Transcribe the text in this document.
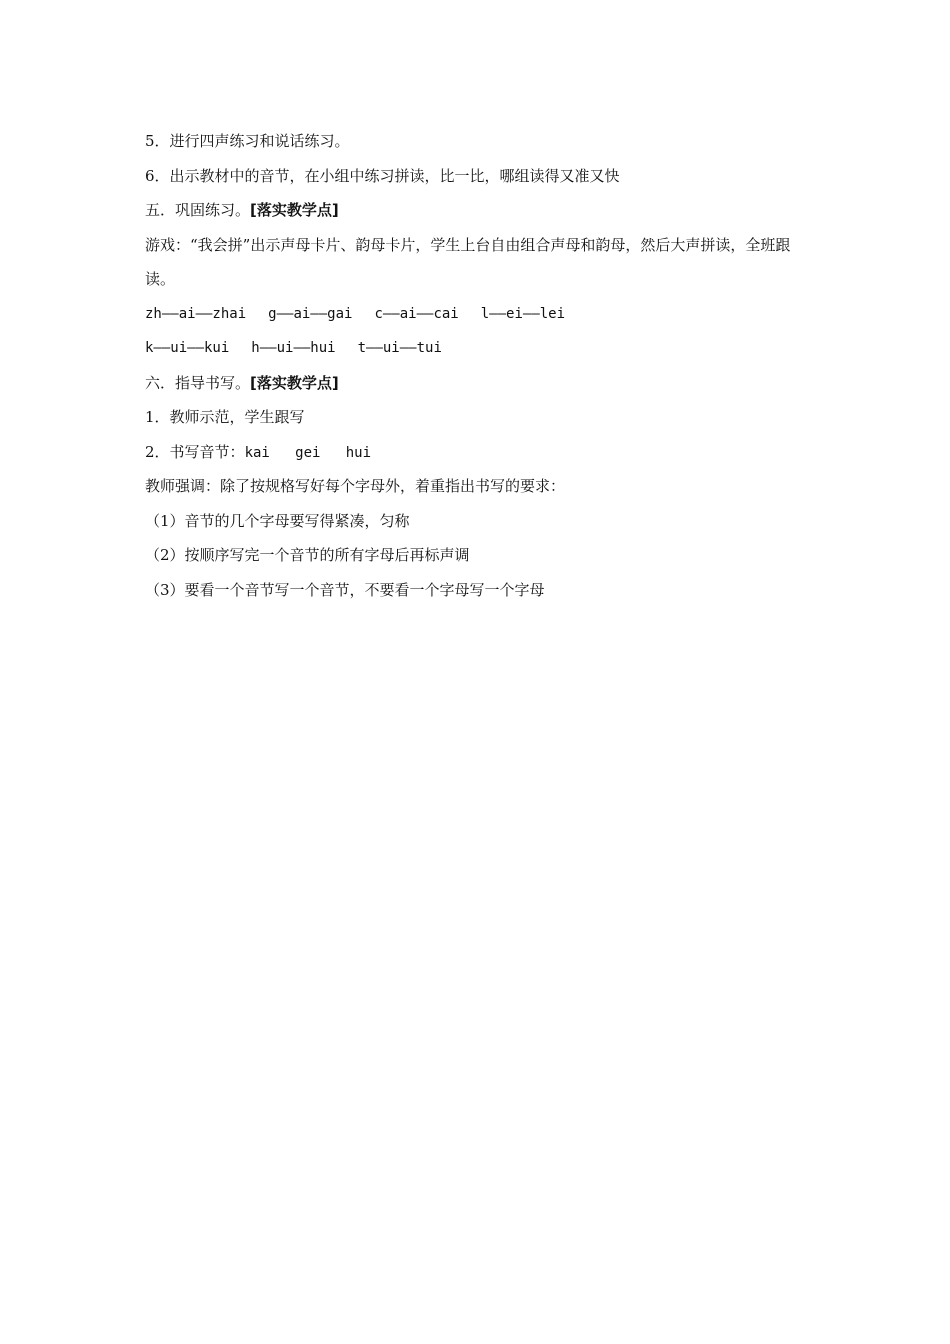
5．进行四声练习和说话练习。
6．出示教材中的音节，在小组中练习拼读，比一比，哪组读得又准又快
五．巩固练习。[落实教学点]
游戏：“我会拼”出示声母卡片、韵母卡片，学生上台自由组合声母和韵母，然后大声拼读，全班跟读。
zh——ai——zhai g——ai——gai c——ai——cai l——ei——lei
k——ui——kui h——ui——hui t——ui——tui
六．指导书写。[落实教学点]
1．教师示范，学生跟写
2．书写音节：kai   gei   hui
教师强调：除了按规格写好每个字母外，着重指出书写的要求：
（1）音节的几个字母要写得紧凑，匀称
（2）按顺序写完一个音节的所有字母后再标声调
（3）要看一个音节写一个音节，不要看一个字母写一个字母
